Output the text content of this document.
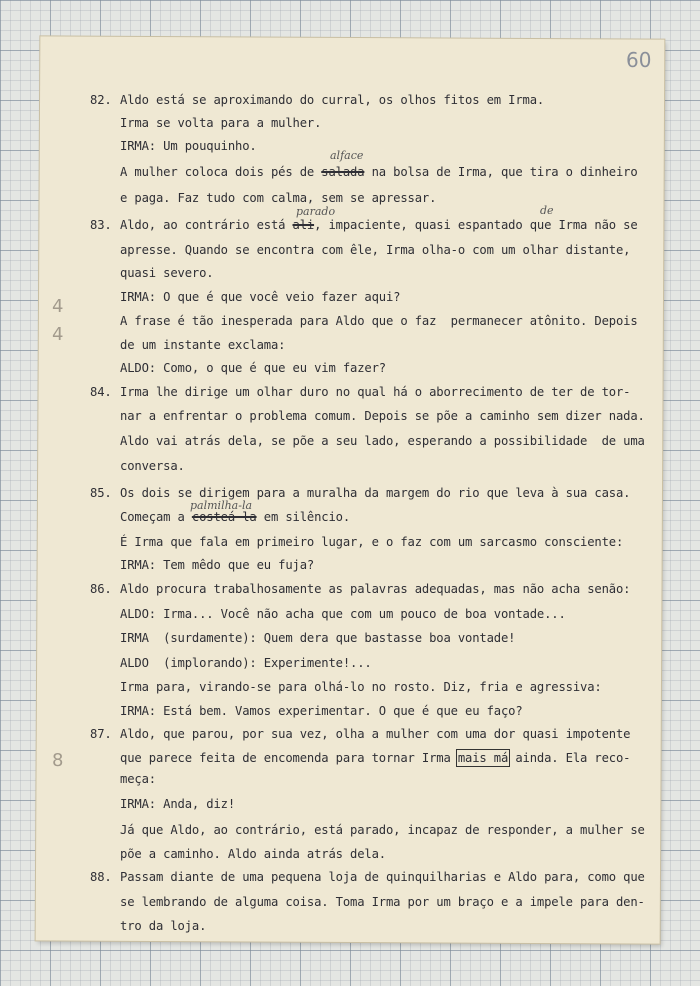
60
4
4
8
alface
parado	de
palmilha-la
82. Aldo está se aproximando do curral, os olhos fitos em Irma.
Irma se volta para a mulher.
IRMA: Um pouquinho.
A mulher coloca dois pés de salada na bolsa de Irma, que tira o dinheiro
e paga. Faz tudo com calma, sem se apressar.
83. Aldo, ao contrário está ali, impaciente, quasi espantado que Irma não se
apresse. Quando se encontra com êle, Irma olha-o com um olhar distante,
quasi severo.
IRMA: O que é que você veio fazer aqui?
A frase é tão inesperada para Aldo que o faz  permanecer atônito. Depois
de um instante exclama:
ALDO: Como, o que é que eu vim fazer?
84. Irma lhe dirige um olhar duro no qual há o aborrecimento de ter de tor-
nar a enfrentar o problema comum. Depois se põe a caminho sem dizer nada.
Aldo vai atrás dela, se põe a seu lado, esperando a possibilidade  de uma
conversa.
85. Os dois se dirigem para a muralha da margem do rio que leva à sua casa.
Começam a costeá-la em silêncio.
É Irma que fala em primeiro lugar, e o faz com um sarcasmo consciente:
IRMA: Tem mêdo que eu fuja?
86. Aldo procura trabalhosamente as palavras adequadas, mas não acha senão:
ALDO: Irma... Você não acha que com um pouco de boa vontade...
IRMA  (surdamente): Quem dera que bastasse boa vontade!
ALDO  (implorando): Experimente!...
Irma para, virando-se para olhá-lo no rosto. Diz, fria e agressiva:
IRMA: Está bem. Vamos experimentar. O que é que eu faço?
87. Aldo, que parou, por sua vez, olha a mulher com uma dor quasi impotente
que parece feita de encomenda para tornar Irma mais má ainda. Ela reco-
meça:
IRMA: Anda, diz!
Já que Aldo, ao contrário, está parado, incapaz de responder, a mulher se
põe a caminho. Aldo ainda atrás dela.
88. Passam diante de uma pequena loja de quinquilharias e Aldo para, como que
se lembrando de alguma coisa. Toma Irma por um braço e a impele para den-
tro da loja.
